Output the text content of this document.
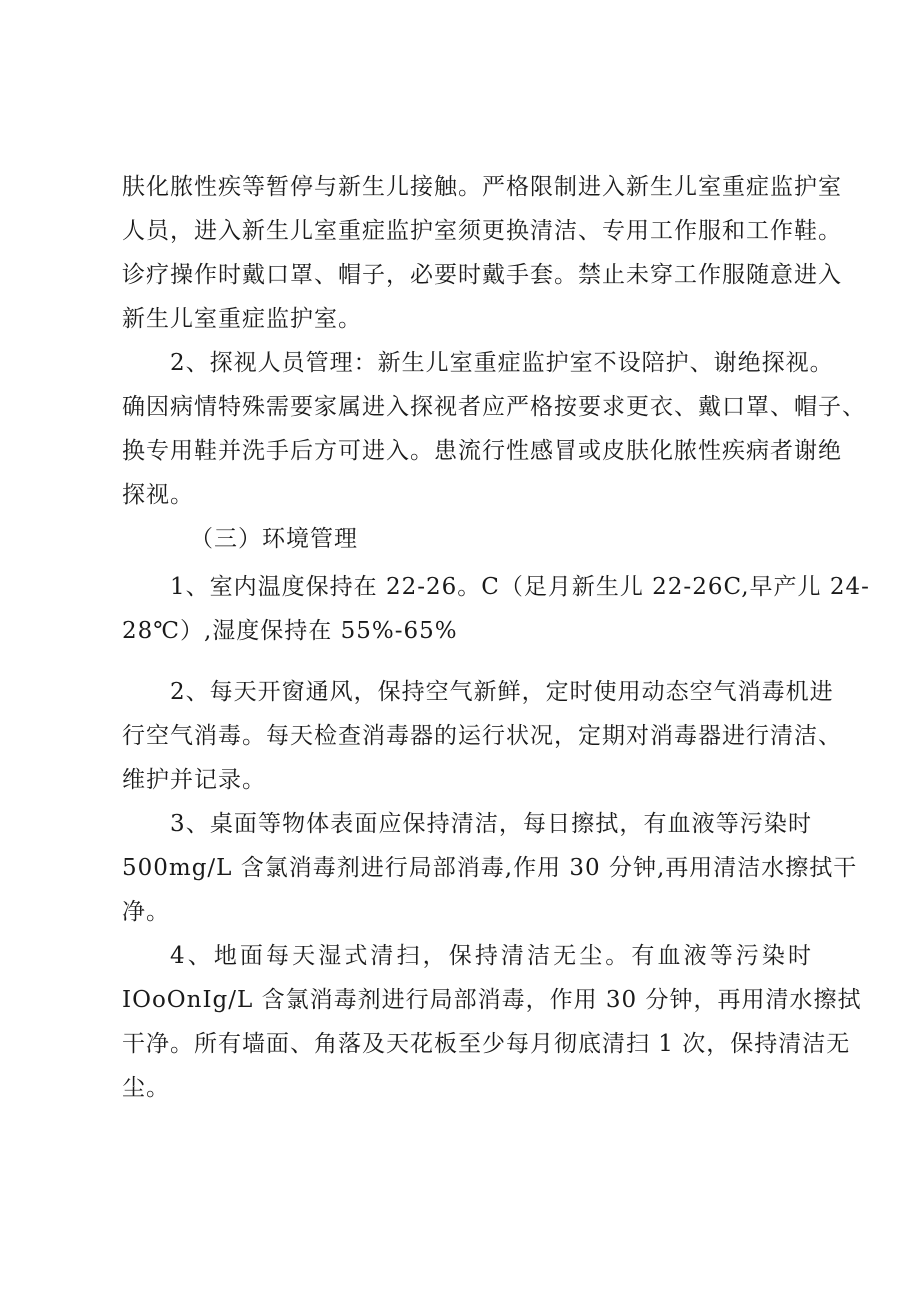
肤化脓性疾等暂停与新生儿接触。严格限制进入新生儿室重症监护室
人员，进入新生儿室重症监护室须更换清洁、专用工作服和工作鞋。
诊疗操作时戴口罩、帽子，必要时戴手套。禁止未穿工作服随意进入
新生儿室重症监护室。
2、探视人员管理：新生儿室重症监护室不设陪护、谢绝探视。
确因病情特殊需要家属进入探视者应严格按要求更衣、戴口罩、帽子、
换专用鞋并洗手后方可进入。患流行性感冒或皮肤化脓性疾病者谢绝
探视。
（三）环境管理
1、室内温度保持在 22-26。C（足月新生儿 22-26C,早产儿 24-
28℃）,湿度保持在 55%-65%
2、每天开窗通风，保持空气新鲜，定时使用动态空气消毒机进
行空气消毒。每天检查消毒器的运行状况，定期对消毒器进行清洁、
维护并记录。
3、桌面等物体表面应保持清洁，每日擦拭，有血液等污染时
500mg∕L 含氯消毒剂进行局部消毒,作用 30 分钟,再用清洁水擦拭干
净。
4、地面每天湿式清扫，保持清洁无尘。有血液等污染时
IOoOnIg/L 含氯消毒剂进行局部消毒，作用 30 分钟，再用清水擦拭
干净。所有墙面、角落及天花板至少每月彻底清扫 1 次，保持清洁无
尘。
